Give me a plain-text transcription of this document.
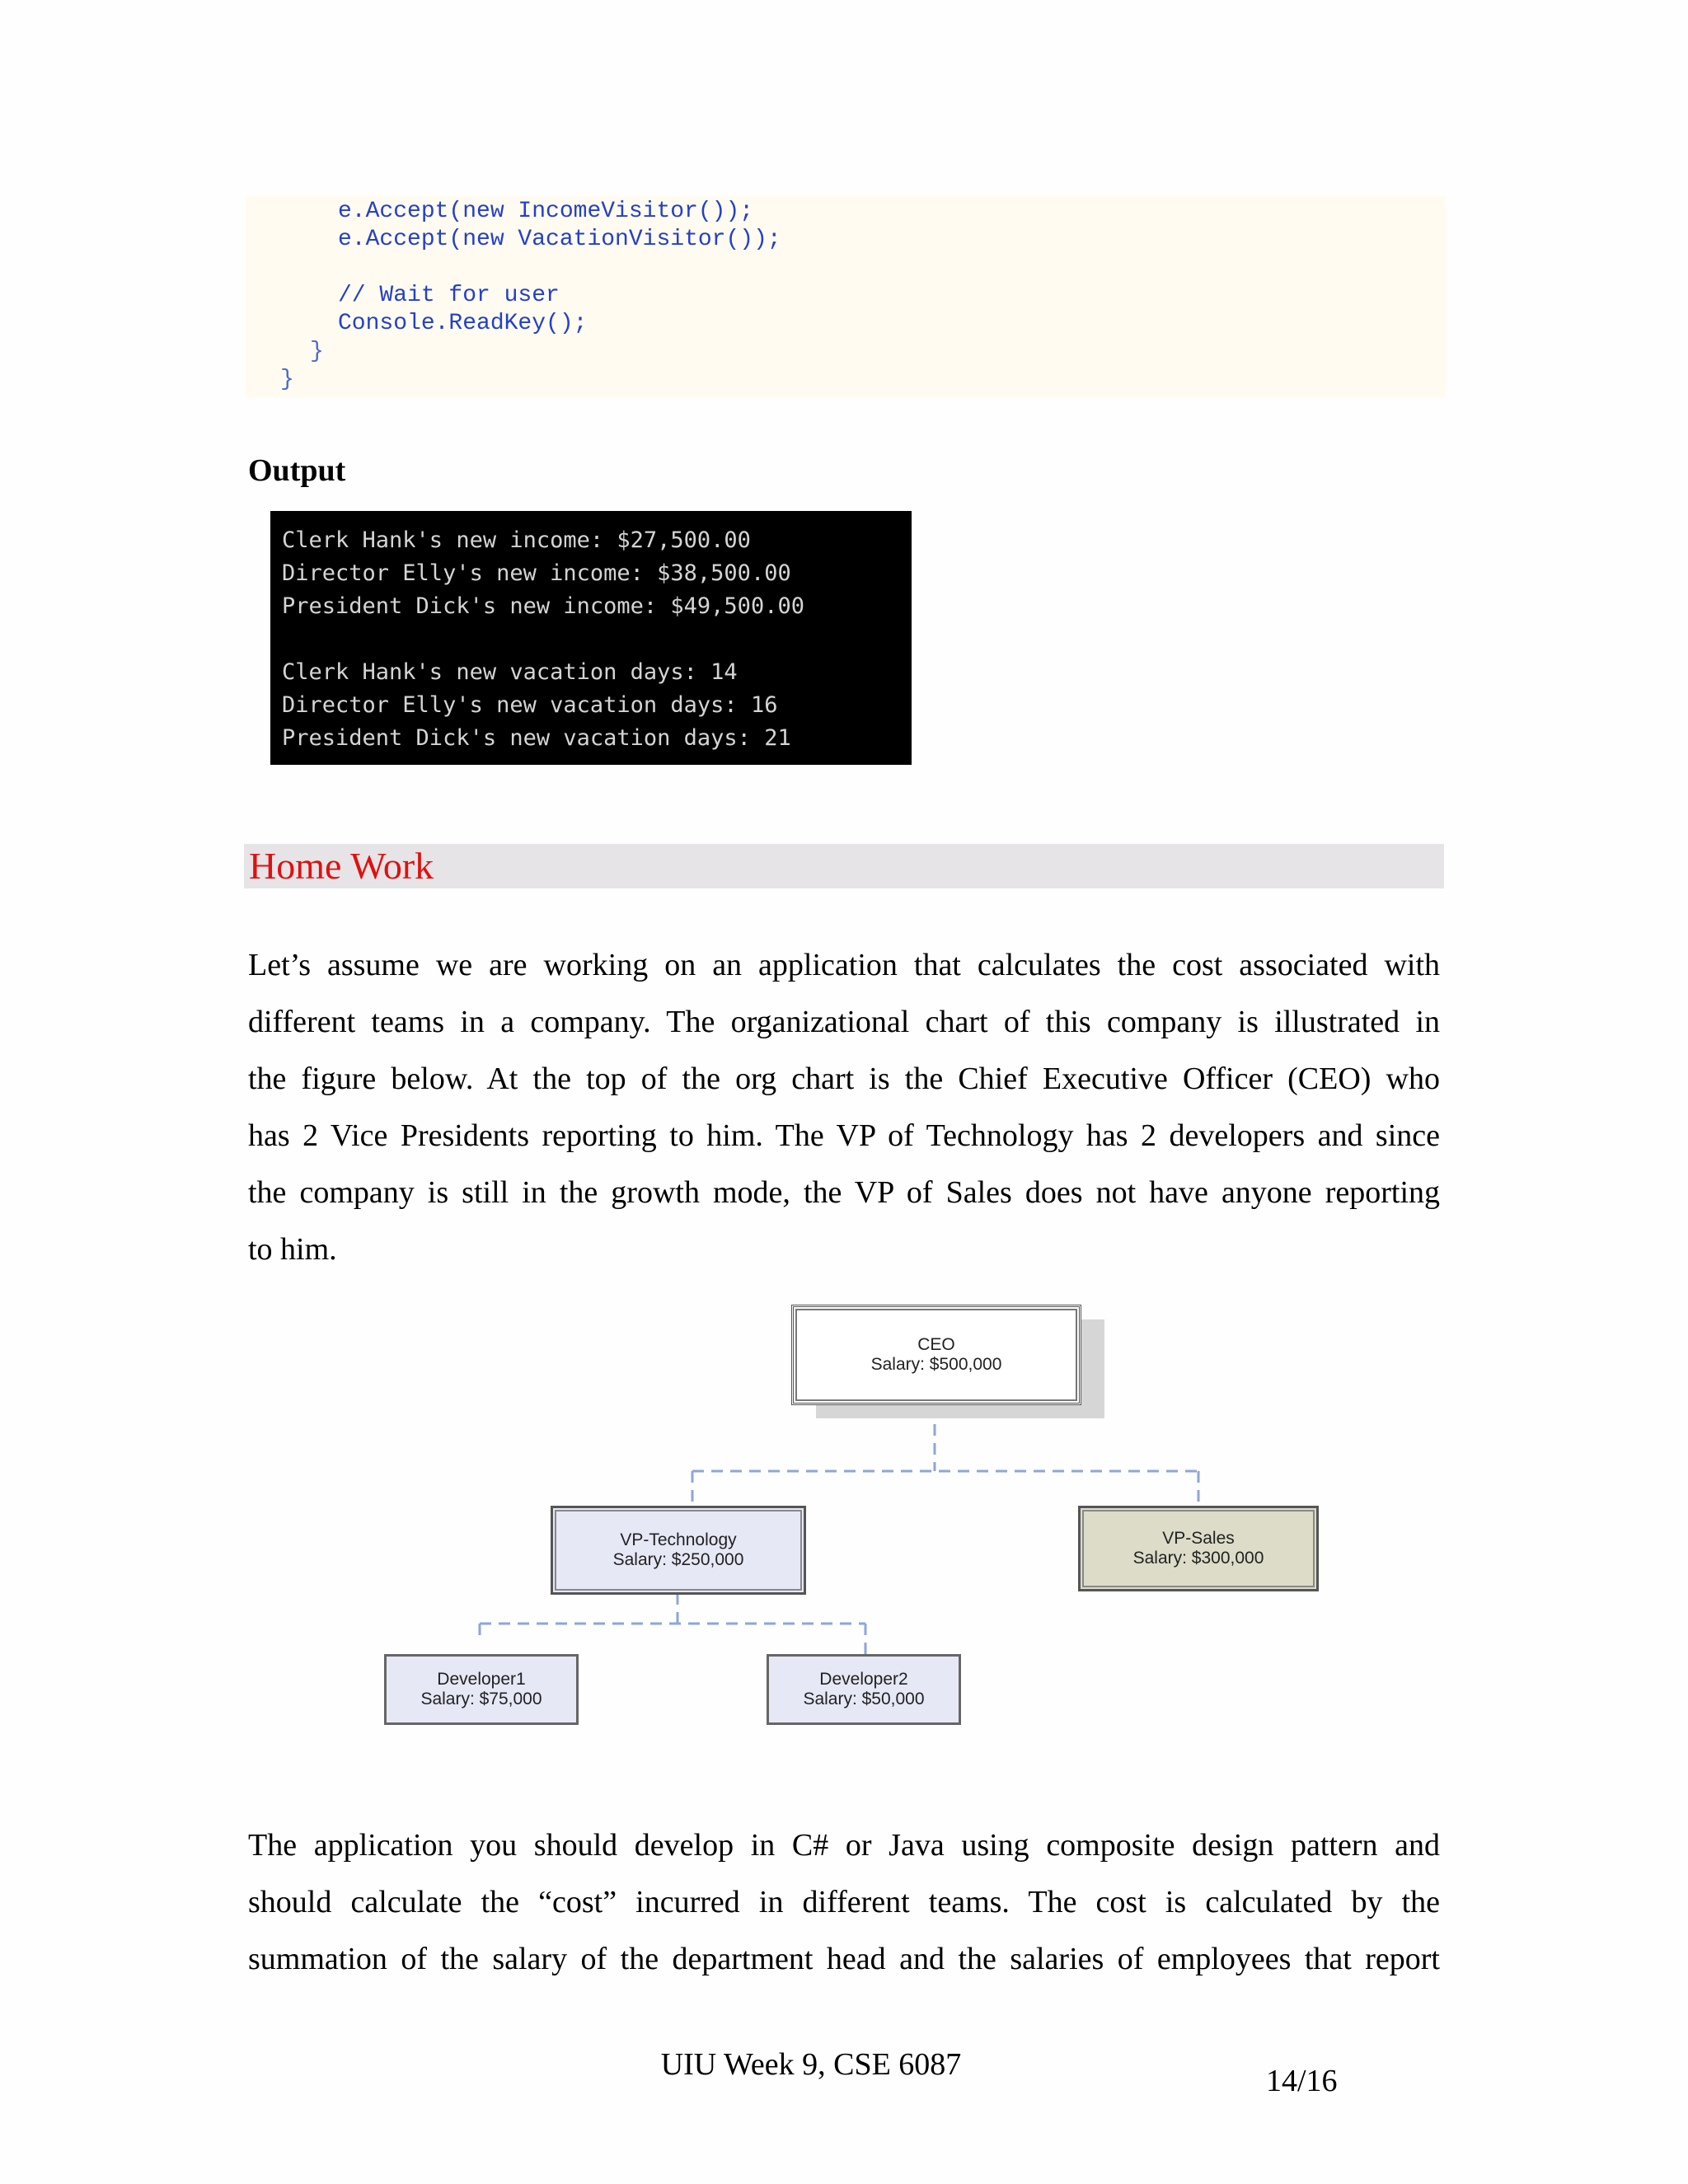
e.Accept(new IncomeVisitor());
e.Accept(new VacationVisitor());
// Wait for user
Console.ReadKey();
}
}
Output
Clerk Hank's new income: $27,500.00
Director Elly's new income: $38,500.00
President Dick's new income: $49,500.00
Clerk Hank's new vacation days: 14
Director Elly's new vacation days: 16
President Dick's new vacation days: 21
Home Work
Let’s assume we are working on an application that calculates the cost associated with
different teams in a company. The organizational chart of this company is illustrated in
the figure below. At the top of the org chart is the Chief Executive Officer (CEO) who
has 2 Vice Presidents reporting to him. The VP of Technology has 2 developers and since
the company is still in the growth mode, the VP of Sales does not have anyone reporting
to him.
CEO
Salary: $500,000
VP-Technology
Salary: $250,000
VP-Sales
Salary: $300,000
Developer1
Salary: $75,000
Developer2
Salary: $50,000
The application you should develop in C# or Java using composite design pattern and
should calculate the “cost” incurred in different teams. The cost is calculated by the
summation of the salary of the department head and the salaries of employees that report
UIU Week 9, CSE 6087	14/16
